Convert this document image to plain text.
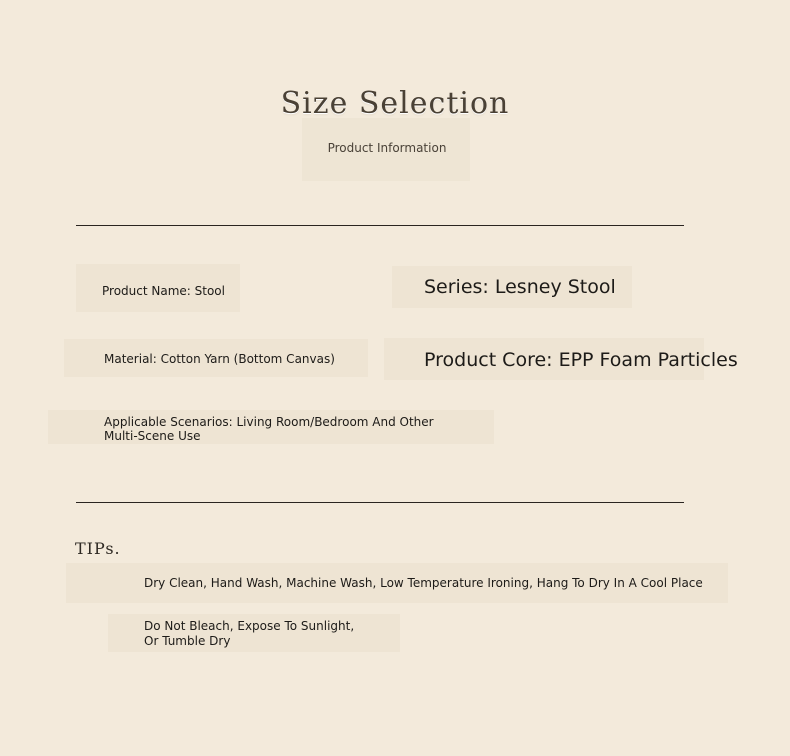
Size Selection
Product Information
Product Name: Stool	Series: Lesney Stool
Material: Cotton Yarn (Bottom Canvas)	Product Core: EPP Foam Particles
Applicable Scenarios: Living Room/Bedroom And Other Multi-Scene Use
TIPs.
Dry Clean, Hand Wash, Machine Wash, Low Temperature Ironing, Hang To Dry In A Cool Place
Do Not Bleach, Expose To Sunlight, Or Tumble Dry
